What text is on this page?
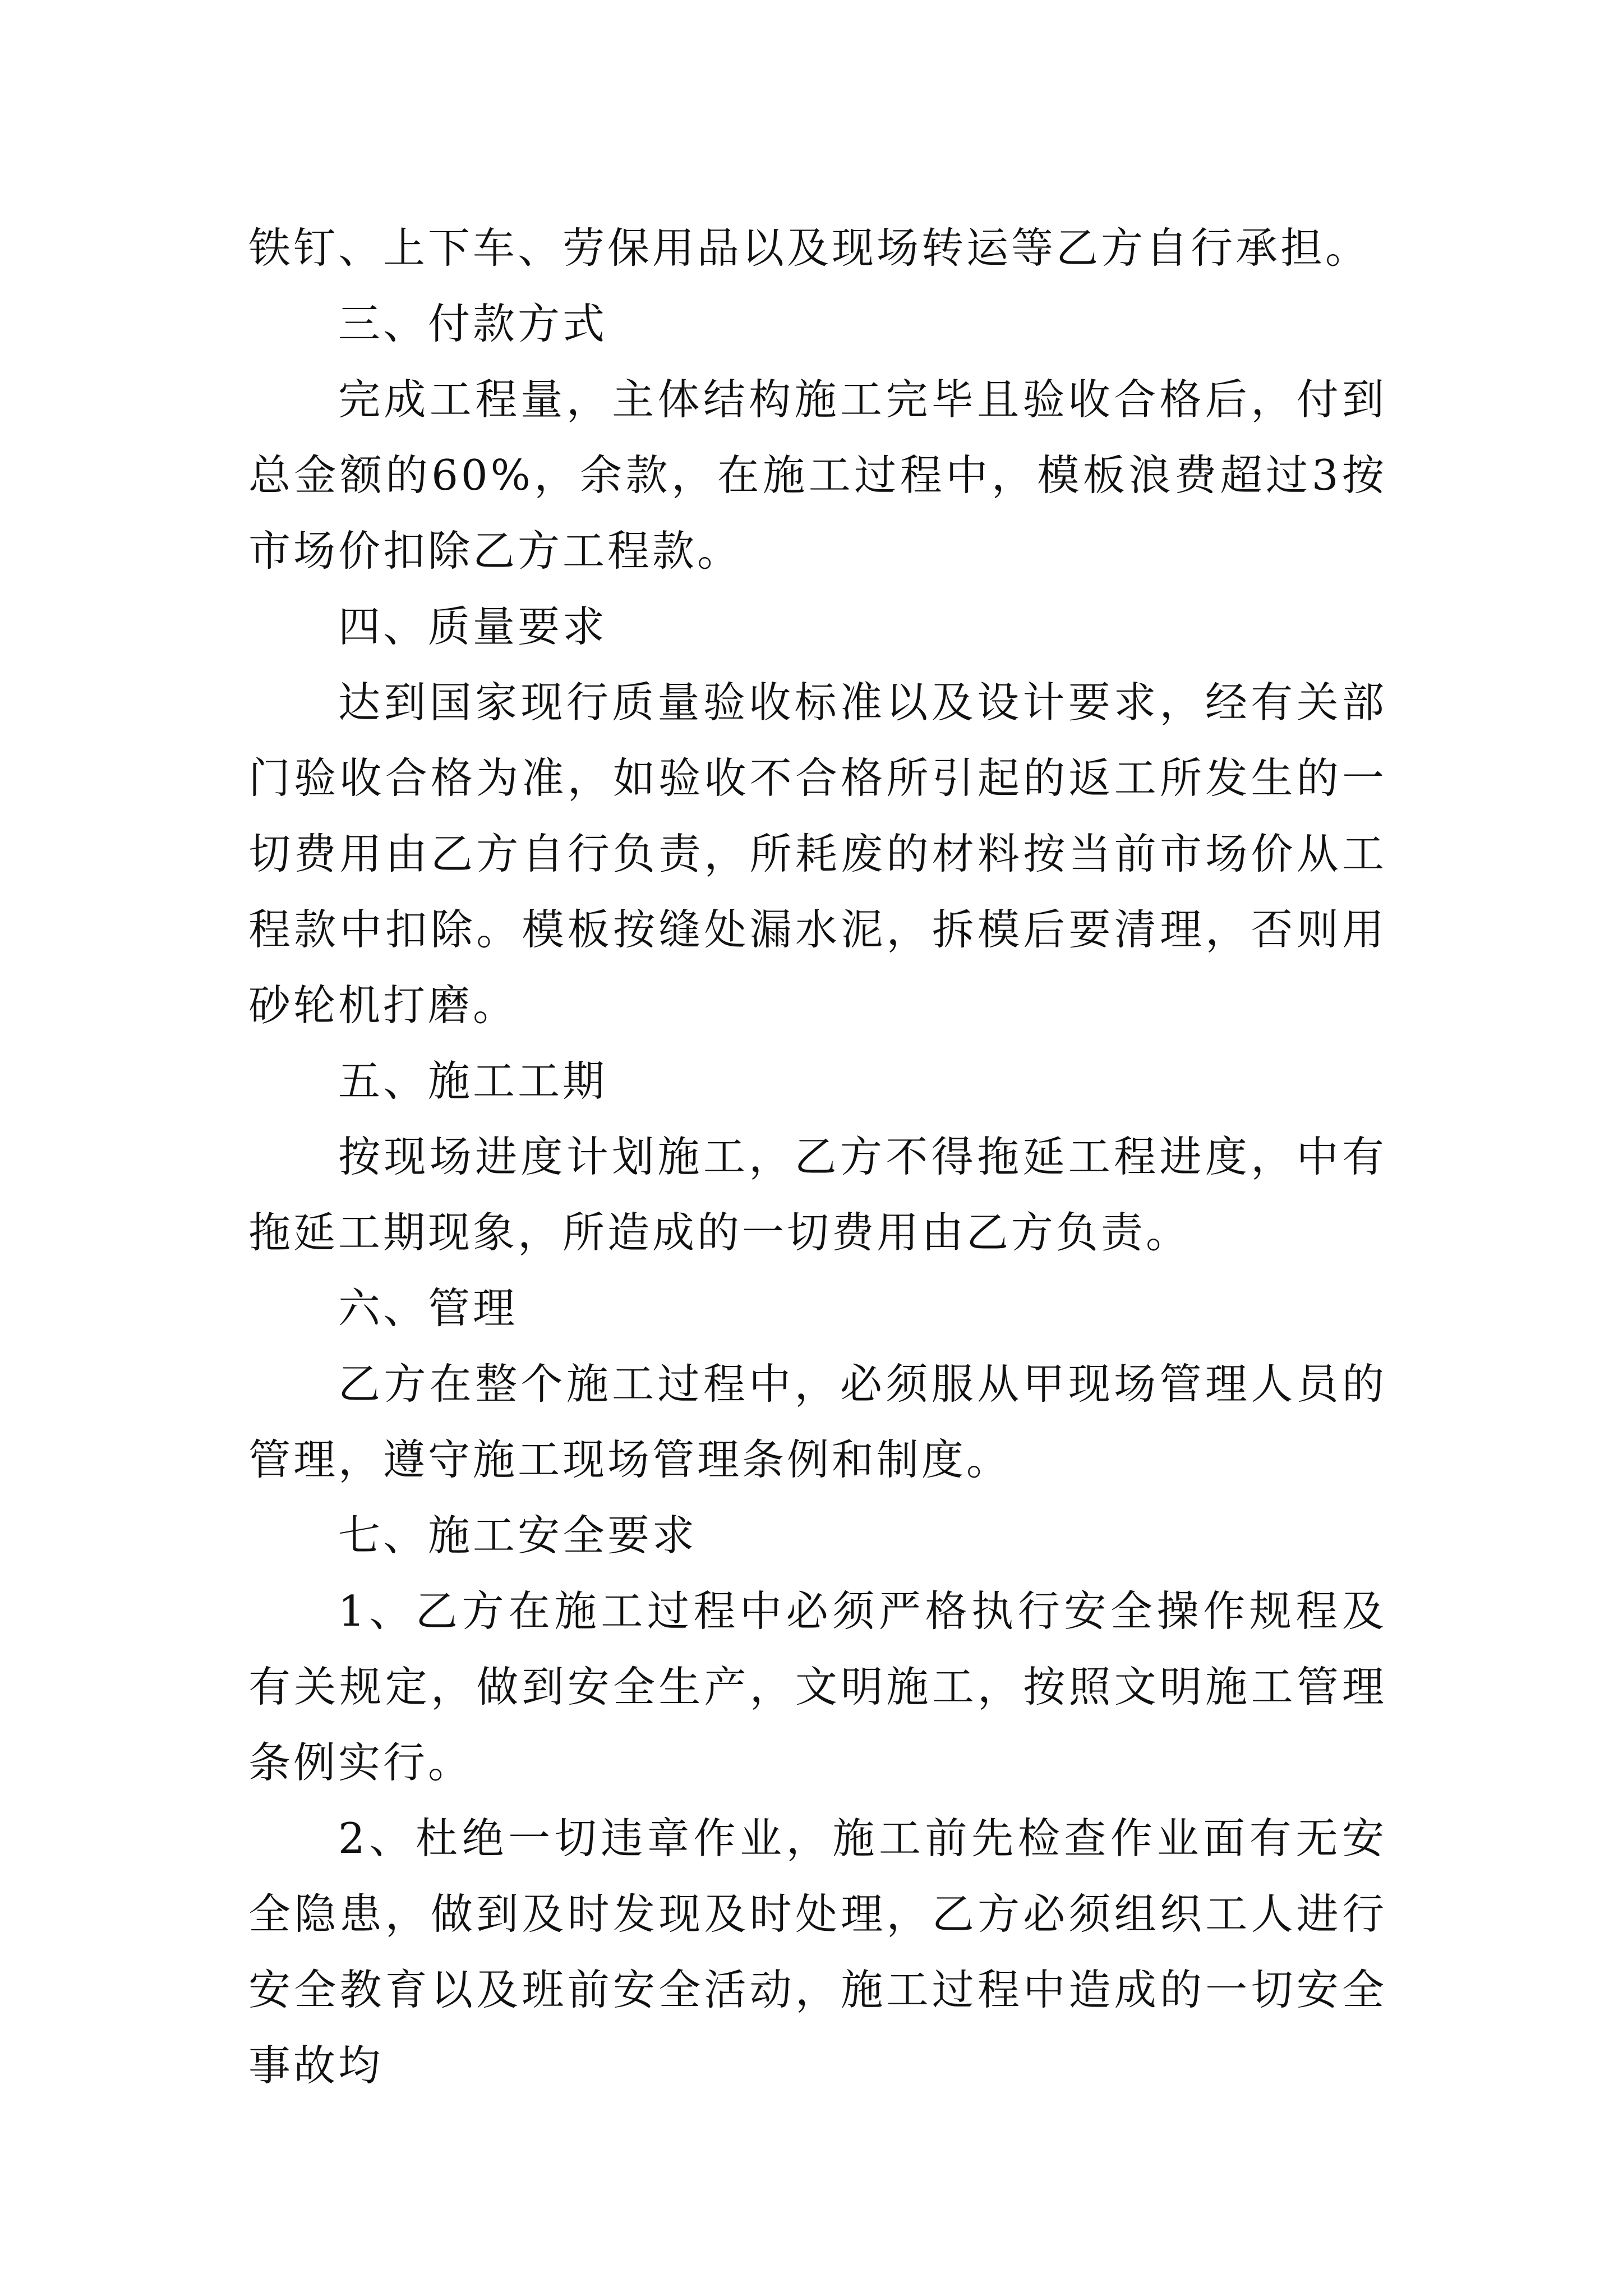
铁钉、上下车、劳保用品以及现场转运等乙方自行承担。

三、付款方式

完成工程量，主体结构施工完毕且验收合格后，付到总金额的60%，余款，在施工过程中，模板浪费超过3按市场价扣除乙方工程款。

四、质量要求

达到国家现行质量验收标准以及设计要求，经有关部门验收合格为准，如验收不合格所引起的返工所发生的一切费用由乙方自行负责，所耗废的材料按当前市场价从工程款中扣除。模板按缝处漏水泥，拆模后要清理，否则用砂轮机打磨。

五、施工工期

按现场进度计划施工，乙方不得拖延工程进度，中有拖延工期现象，所造成的一切费用由乙方负责。

六、管理

乙方在整个施工过程中，必须服从甲现场管理人员的管理，遵守施工现场管理条例和制度。

七、施工安全要求

1、乙方在施工过程中必须严格执行安全操作规程及有关规定，做到安全生产，文明施工，按照文明施工管理条例实行。

2、杜绝一切违章作业，施工前先检查作业面有无安全隐患，做到及时发现及时处理，乙方必须组织工人进行安全教育以及班前安全活动，施工过程中造成的一切安全事故均
